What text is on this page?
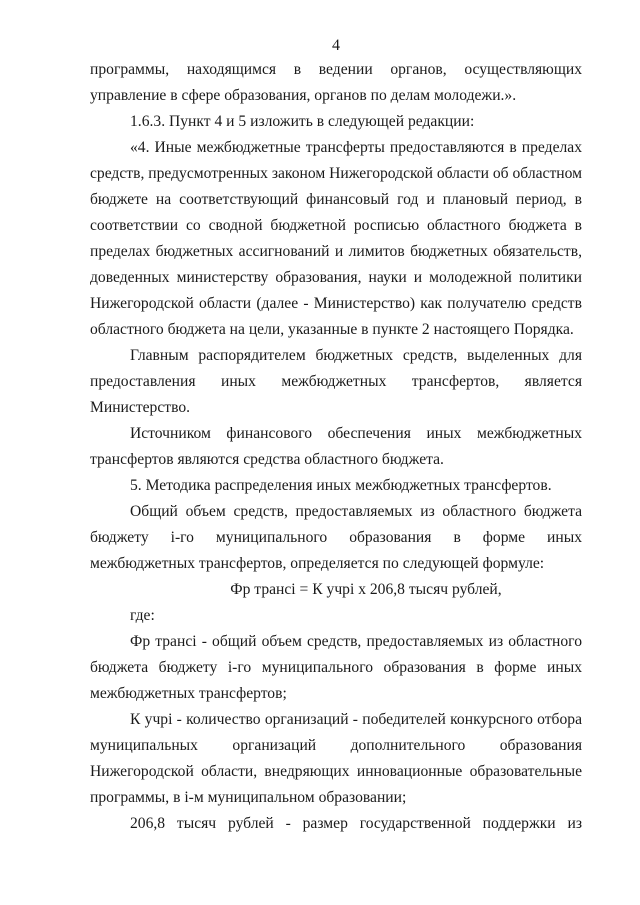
4

программы, находящимся в ведении органов, осуществляющих управление в сфере образования, органов по делам молодежи.».

1.6.3. Пункт 4 и 5 изложить в следующей редакции:

«4. Иные межбюджетные трансферты предоставляются в пределах средств, предусмотренных законом Нижегородской области об областном бюджете на соответствующий финансовый год и плановый период, в соответствии со сводной бюджетной росписью областного бюджета в пределах бюджетных ассигнований и лимитов бюджетных обязательств, доведенных министерству образования, науки и молодежной политики Нижегородской области (далее - Министерство) как получателю средств областного бюджета на цели, указанные в пункте 2 настоящего Порядка.

Главным распорядителем бюджетных средств, выделенных для предоставления иных межбюджетных трансфертов, является Министерство.

Источником финансового обеспечения иных межбюджетных трансфертов являются средства областного бюджета.

5. Методика распределения иных межбюджетных трансфертов.

Общий объем средств, предоставляемых из областного бюджета бюджету i-го муниципального образования в форме иных межбюджетных трансфертов, определяется по следующей формуле:

Фр трансi = К учрi х 206,8 тысяч рублей,

где:

Фр трансi - общий объем средств, предоставляемых из областного бюджета бюджету i-го муниципального образования в форме иных межбюджетных трансфертов;

К учрi - количество организаций - победителей конкурсного отбора муниципальных организаций дополнительного образования Нижегородской области, внедряющих инновационные образовательные программы, в i-м муниципальном образовании;

206,8 тысяч рублей - размер государственной поддержки из
